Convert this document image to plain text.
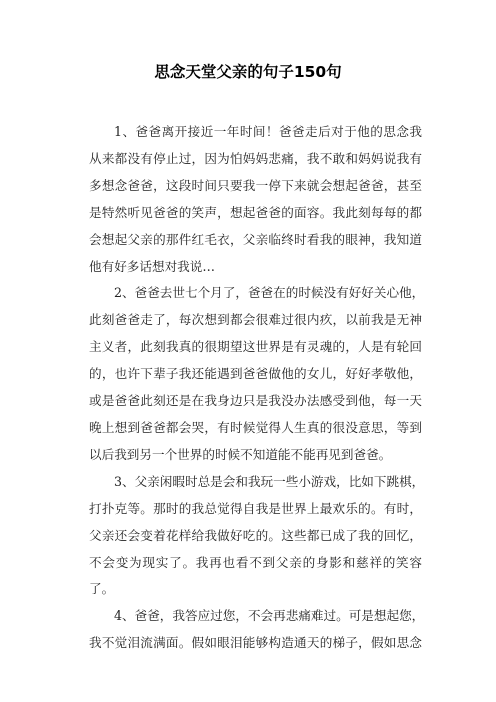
思念天堂父亲的句子150句

1、爸爸离开接近一年时间！爸爸走后对于他的思念我
从来都没有停止过，因为怕妈妈悲痛，我不敢和妈妈说我有
多想念爸爸，这段时间只要我一停下来就会想起爸爸，甚至
是特然听见爸爸的笑声，想起爸爸的面容。我此刻每每的都
会想起父亲的那件红毛衣，父亲临终时看我的眼神，我知道
他有好多话想对我说…

2、爸爸去世七个月了，爸爸在的时候没有好好关心他，
此刻爸爸走了，每次想到都会很难过很内疚，以前我是无神
主义者，此刻我真的很期望这世界是有灵魂的，人是有轮回
的，也许下辈子我还能遇到爸爸做他的女儿，好好孝敬他，
或是爸爸此刻还是在我身边只是我没办法感受到他，每一天
晚上想到爸爸都会哭，有时候觉得人生真的很没意思，等到
以后我到另一个世界的时候不知道能不能再见到爸爸。

3、父亲闲暇时总是会和我玩一些小游戏，比如下跳棋，
打扑克等。那时的我总觉得自我是世界上最欢乐的。有时，
父亲还会变着花样给我做好吃的。这些都已成了我的回忆，
不会变为现实了。我再也看不到父亲的身影和慈祥的笑容
了。

4、爸爸，我答应过您，不会再悲痛难过。可是想起您，
我不觉泪流满面。假如眼泪能够构造通天的梯子，假如思念
